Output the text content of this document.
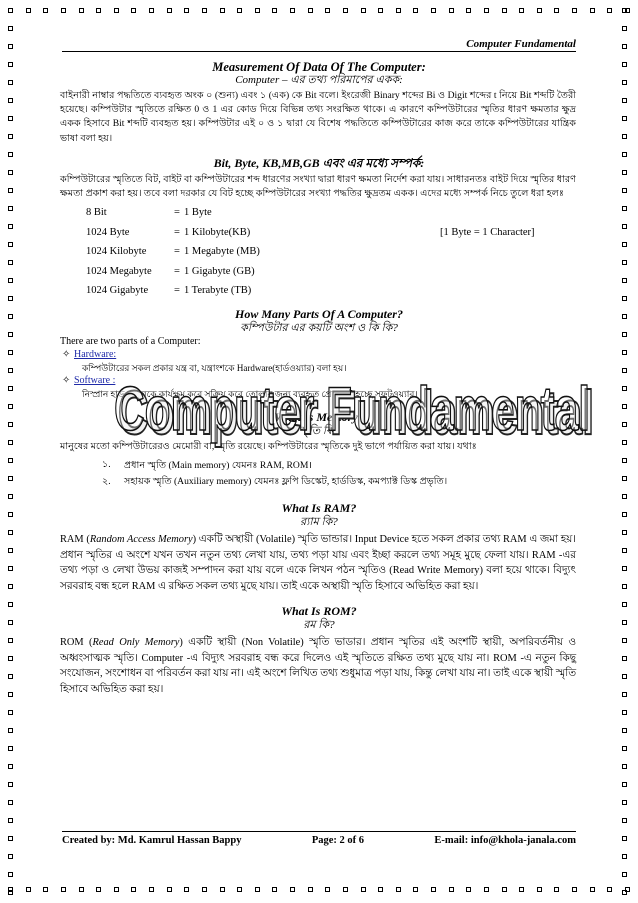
Computer Fundamental
Measurement Of Data Of The Computer:
Computer – এর তথ্য পরিমাপের একক:
বাইনারী নাম্বার পদ্ধতিতে ব্যবহৃত অংক ০ (শুন্য) এবং ১ (এক) কে Bit বলে। ইংরেজী Binary শব্দের Bi ও Digit শব্দের t নিয়ে Bit শব্দটি তৈরী হয়েছে। কম্পিউটার স্মৃতিতে রক্ষিত 0 ও 1 এর কোড দিয়ে বিভিন্ন তথ্য সংরক্ষিত থাকে। এ কারণে কম্পিউটারের স্মৃতির ধারণ ক্ষমতার ক্ষুদ্র একক হিসাবে Bit শব্দটি ব্যবহৃত হয়। কম্পিউটার এই ০ ও ১ দ্বারা যে বিশেষ পদ্ধতিতে কম্পিউটারের কাজ করে তাকে কম্পিউটারের যান্ত্রিক ভাষা বলা হয়।
Bit, Byte, KB,MB,GB এবং এর মধ্যে সম্পর্ক:
কম্পিউটারের স্মৃতিতে বিট, বাইট বা কম্পিউটারের শব্দ ধারণের সংখ্যা দ্বারা ধারণ ক্ষমতা নির্দেশ করা যায়। সাধারনতঃ বাইট দিয়ে স্মৃতির ধারণ ক্ষমতা প্রকাশ করা হয়। তবে বলা দরকার যে বিট হচ্ছে কম্পিউটারের সংখ্যা পদ্ধতির ক্ষুদ্রতম একক। এদের মধ্যে সম্পর্ক নিচে তুলে ধরা হলঃ
8 Bit	= 1 Byte
1024 Byte	= 1 Kilobyte(KB)	[1 Byte = 1 Character]
1024 Kilobyte	= 1 Megabyte (MB)
1024 Megabyte	= 1 Gigabyte (GB)
1024 Gigabyte	= 1 Terabyte (TB)
How Many Parts Of A Computer?
কম্পিউটার এর কয়টি অংশ ও কি কি?
There are two parts of a Computer:
✧ Hardware:
কম্পিউটারের সকল প্রকার যন্ত্র বা, যন্ত্রাংশকে Hardware(হার্ডওয়্যার) বলা হয়।
✧ Software :
নিস্প্রান হার্ডওয়্যারকে কার্যক্ষম করে সক্রিয় করে তোলার জন্য ব্যবহৃত প্রোগ্রামই হচ্ছে সফটওয়্যার।
What Is Memory?
স্মৃতি কি?
মানুষের মতো কম্পিউটারেরও মেমোরী বা, স্মৃতি রয়েছে। কম্পিউটারের স্মৃতিকে দুই ভাগে পর্যায়িত করা যায়। যথাঃ
১.	প্রধান স্মৃতি (Main memory) যেমনঃ RAM, ROM।
২.	সহায়ক স্মৃতি (Auxiliary memory) যেমনঃ ফ্লপি ডিস্কেট, হার্ডডিস্ক, কমপ্যাক্ট ডিস্ক প্রভৃতি।
What Is RAM?
র‌্যাম কি?
RAM (Random Access Memory) একটি অস্থায়ী (Volatile) স্মৃতি ভান্ডার। Input Device হতে সকল প্রকার তথ্য RAM এ জমা হয়। প্রধান স্মৃতির এ অংশে যখন তখন নতুন তথ্য লেখা যায়, তথ্য পড়া যায় এবং ইচ্ছা করলে তথ্য সমূহ মুছে ফেলা যায়। RAM -এর তথ্য পড়া ও লেখা উভয় কাজই সম্পাদন করা যায় বলে একে লিখন পঠন স্মৃতিও (Read Write Memory) বলা হয়ে থাকে। বিদ্যুৎ সরবরাহ বন্ধ হলে RAM এ রক্ষিত সকল তথ্য মুছে যায়। তাই একে অস্থায়ী স্মৃতি হিসাবে অভিহিত করা হয়।
What Is ROM?
রম কি?
ROM (Read Only Memory) একটি স্থায়ী (Non Volatile) স্মৃতি ভাডার। প্রধান স্মৃতির এই অংশটি স্থায়ী, অপরিবর্তনীয় ও অধ্বংসাত্মক স্মৃতি। Computer -এ বিদ্যুৎ সরবরাহ বন্ধ করে দিলেও এই স্মৃতিতে রক্ষিত তথ্য মুছে যায় না। ROM -এ নতুন কিছু সংযোজন, সংশোধন বা পরিবর্তন করা যায় না। এই অংশে লিখিত তথ্য শুধুমাত্র পড়া যায়, কিন্তু লেখা যায় না। তাই একে স্থায়ী স্মৃতি হিসাবে অভিহিত করা হয়।
Created by: Md. Kamrul Hassan Bappy	Page: 2 of 6	E-mail: info@khola-janala.com
Computer Fundamental
Computer Fundamental
